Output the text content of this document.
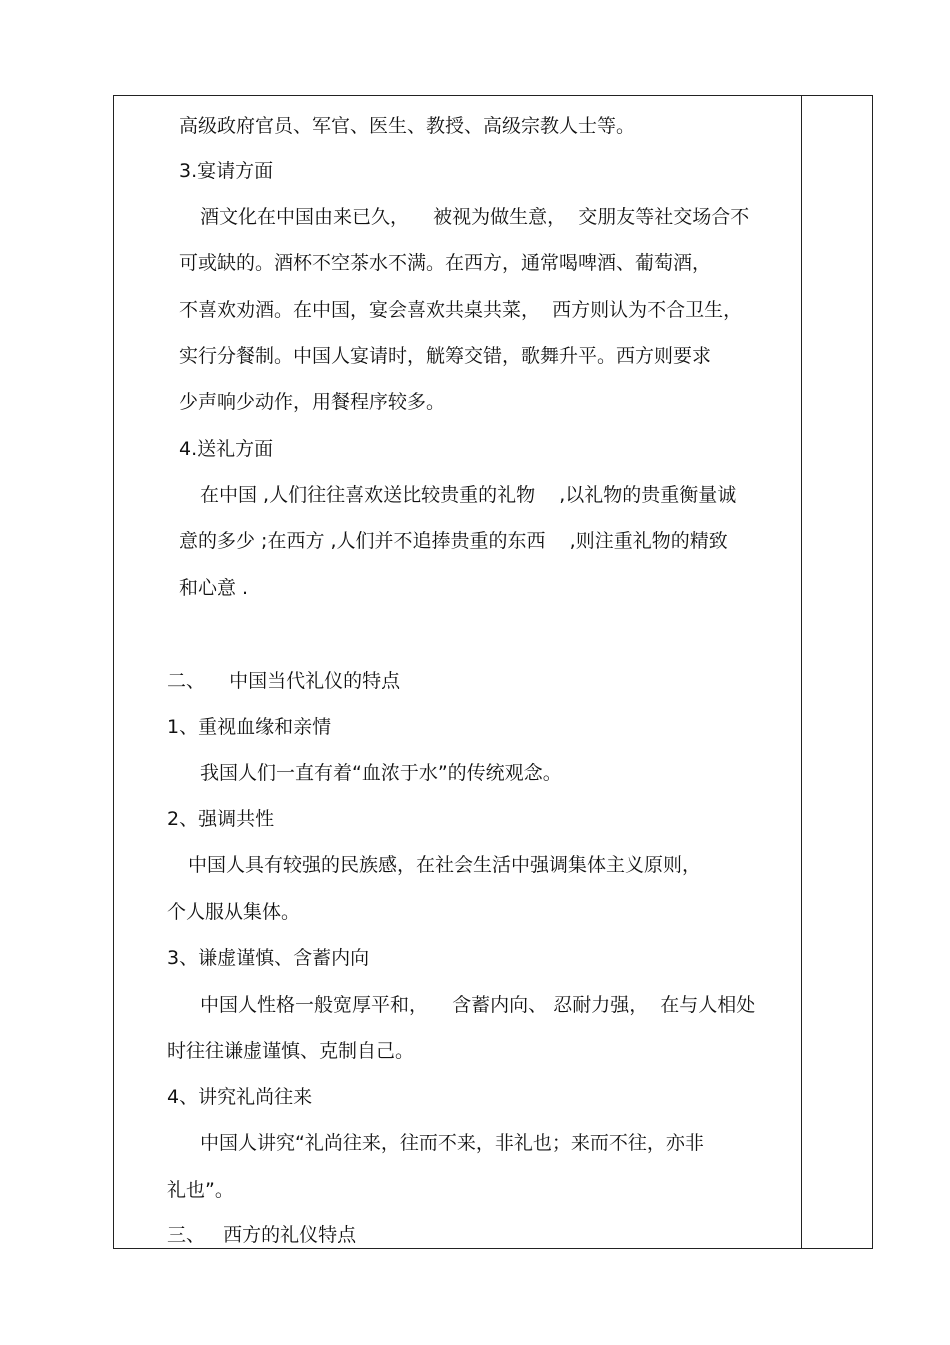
高级政府官员、军官、医生、教授、高级宗教人士等。
3.宴请方面
酒文化在中国由来已久，    被视为做生意，  交朋友等社交场合不
可或缺的。酒杯不空茶水不满。在西方，通常喝啤酒、葡萄酒，
不喜欢劝酒。在中国，宴会喜欢共桌共菜，  西方则认为不合卫生，
实行分餐制。中国人宴请时，觥筹交错，歌舞升平。西方则要求
少声响少动作，用餐程序较多。
4.送礼方面
在中国 ,人们往往喜欢送比较贵重的礼物    ,以礼物的贵重衡量诚
意的多少 ;在西方 ,人们并不追捧贵重的东西    ,则注重礼物的精致
和心意 .
二、    中国当代礼仪的特点
1、重视血缘和亲情
我国人们一直有着“血浓于水”的传统观念。
2、强调共性
中国人具有较强的民族感，在社会生活中强调集体主义原则，
个人服从集体。
3、谦虚谨慎、含蓄内向
中国人性格一般宽厚平和，    含蓄内向、 忍耐力强，  在与人相处
时往往谦虚谨慎、克制自己。
4、讲究礼尚往来
中国人讲究“礼尚往来，往而不来，非礼也；来而不往，亦非
礼也”。
三、   西方的礼仪特点
